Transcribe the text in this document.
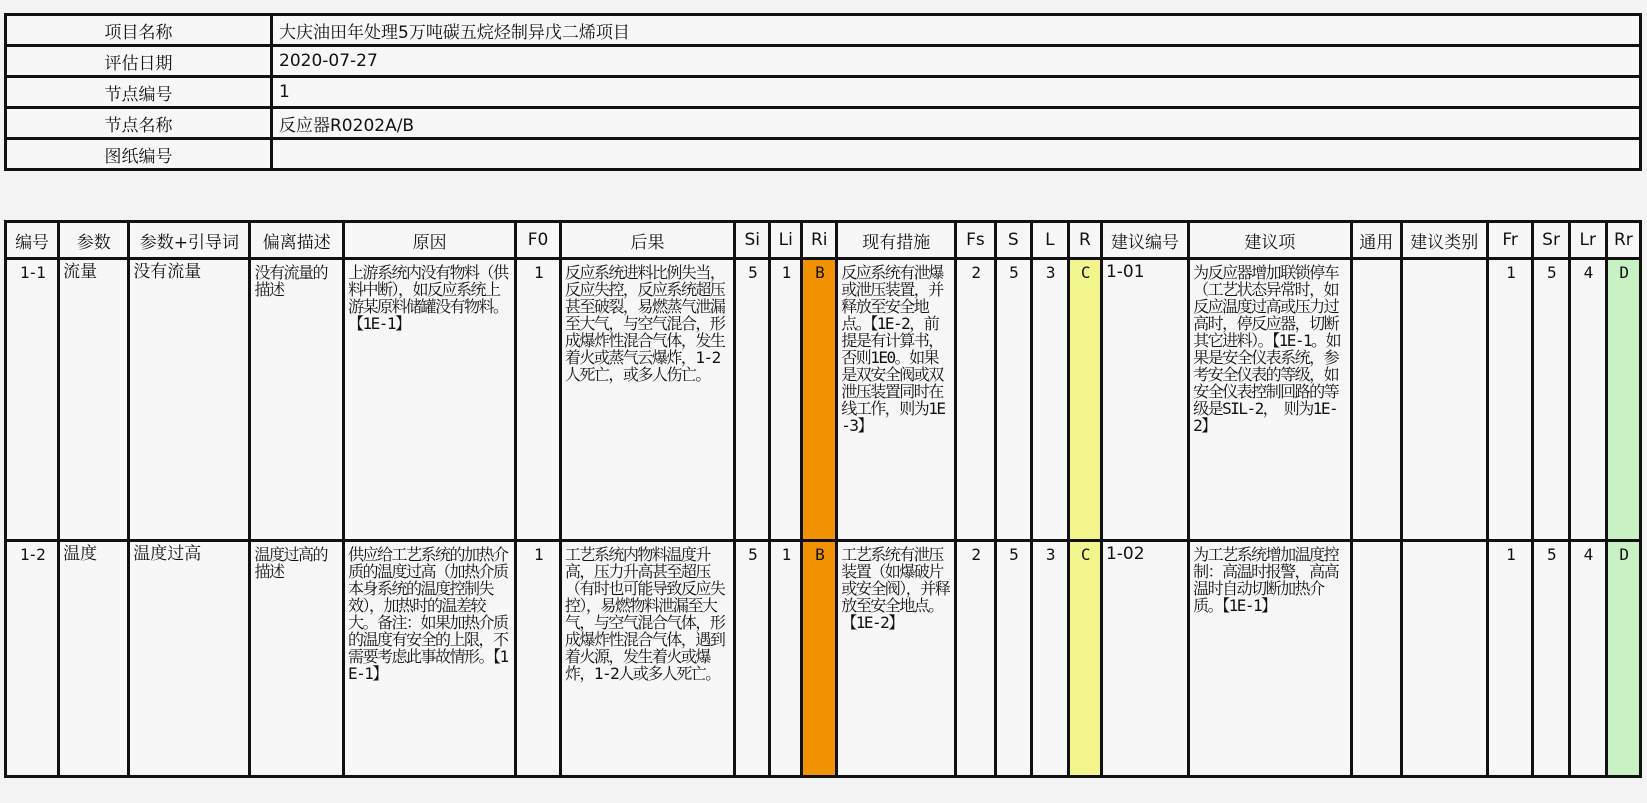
项目名称	大庆油田年处理5万吨碳五烷烃制异戊二烯项目
评估日期	2020-07-27
节点编号	1
节点名称	反应器R0202A/B
图纸编号	
编号	参数	参数+引导词	偏离描述	原因	F0	后果	Si	Li	Ri	现有措施	Fs	S	L	R	建议编号	建议项	通用	建议类别	Fr	Sr	Lr	Rr
1-1	流量	没有流量	没有流量的描述	上游系统内没有物料（供料中断），如反应系统上游某原料储罐没有物料。【1E-1】	1	反应系统进料比例失当，反应失控，反应系统超压甚至破裂，易燃蒸气泄漏至大气，与空气混合，形成爆炸性混合气体，发生着火或蒸气云爆炸，1-2人死亡，或多人伤亡。	5	1	B	反应系统有泄爆或泄压装置，并释放至安全地点。【1E-2，前提是有计算书，否则1E0。如果是双安全阀或双泄压装置同时在线工作，则为1E-3】	2	5	3	C	1-01	为反应器增加联锁停车（工艺状态异常时，如反应温度过高或压力过高时，停反应器，切断其它进料）。【1E-1。如果是安全仪表系统，参考安全仪表的等级，如安全仪表控制回路的等级是SIL-2，　则为1E-2】			1	5	4	D
1-2	温度	温度过高	温度过高的描述	供应给工艺系统的加热介质的温度过高（加热介质本身系统的温度控制失效），加热时的温差较大。备注：如果加热介质的温度有安全的上限，不需要考虑此事故情形。【1E-1】	1	工艺系统内物料温度升高，压力升高甚至超压（有时也可能导致反应失控），易燃物料泄漏至大气，与空气混合气体，形成爆炸性混合气体，遇到着火源，发生着火或爆炸，1-2人或多人死亡。	5	1	B	工艺系统有泄压装置（如爆破片或安全阀），并释放至安全地点。【1E-2】	2	5	3	C	1-02	为工艺系统增加温度控制：高温时报警，高高温时自动切断加热介质。【1E-1】			1	5	4	D
